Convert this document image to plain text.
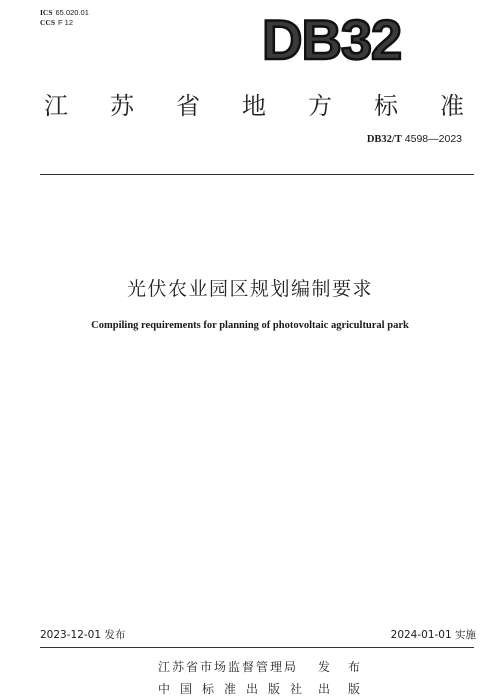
ICS 65.020.01
CCS F 12	DB32
江 苏 省 地 方 标 准
DB32/T 4598—2023
光伏农业园区规划编制要求
Compiling requirements for planning of photovoltaic agricultural park
2023-12-01 发布	2024-01-01 实施
江苏省市场监督管理局 发布
中国标准出版社 出版
